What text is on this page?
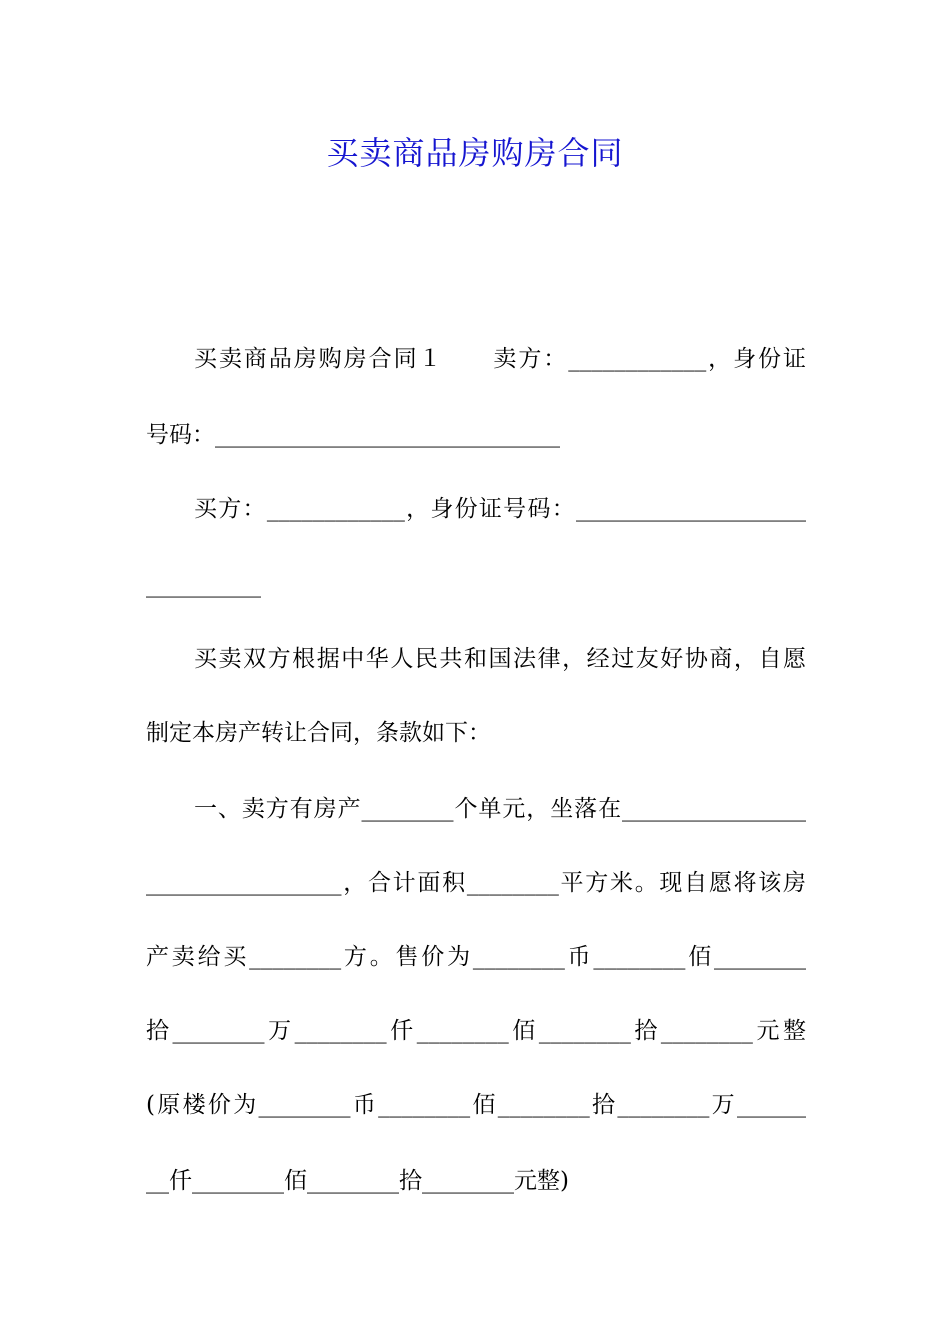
买卖商品房购房合同
买卖商品房购房合同１　　卖方：____________，身份证
号码：______________________________
买方：____________，身份证号码：____________________
__________
买卖双方根据中华人民共和国法律，经过友好协商，自愿
制定本房产转让合同，条款如下：
一、卖方有房产________个单元，坐落在________________
_________________，合计面积________平方米。现自愿将该房
产卖给买________方。售价为________币________佰________
拾________万________仟________佰________拾________元整
(原楼价为________币________佰________拾________万______
__仟________佰________拾________元整)
